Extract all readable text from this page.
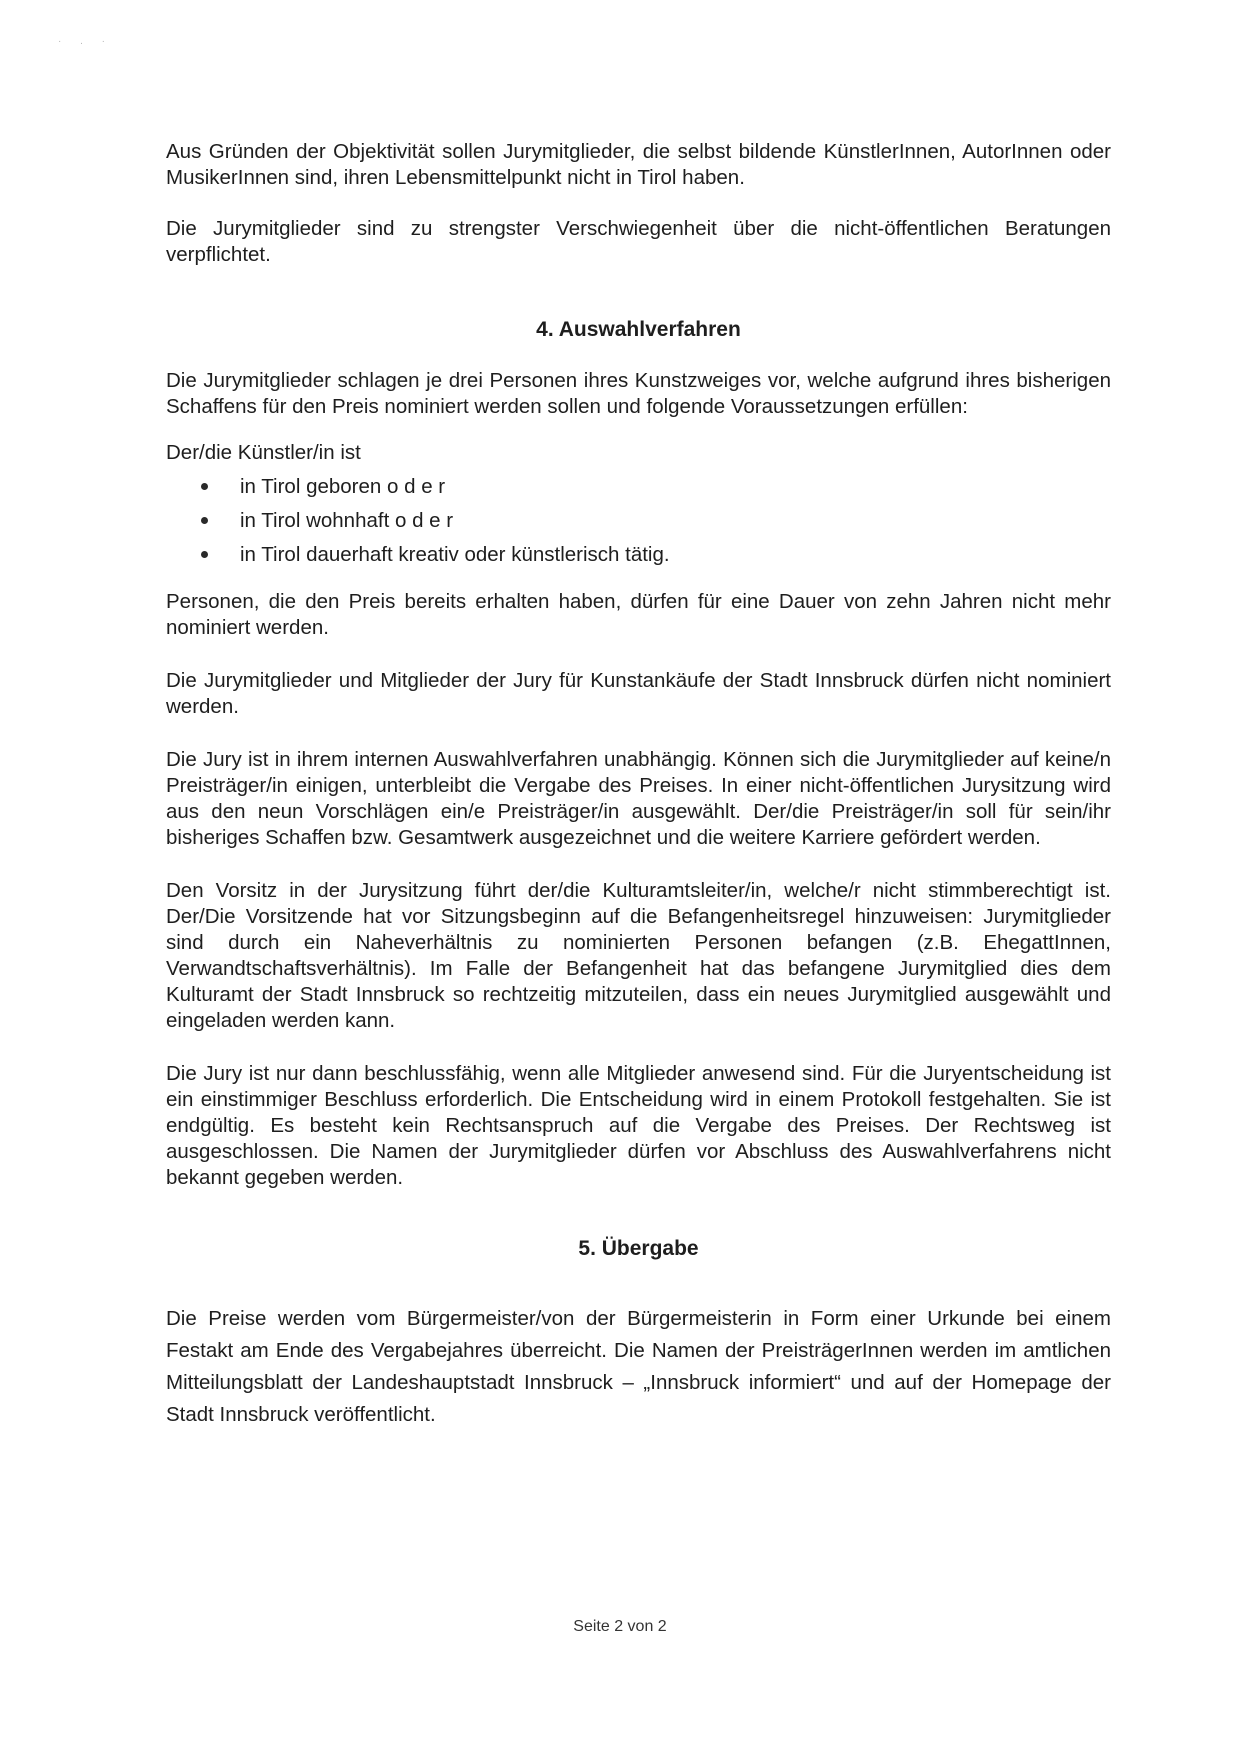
· . ·

Aus Gründen der Objektivität sollen Jurymitglieder, die selbst bildende KünstlerInnen, AutorInnen oder MusikerInnen sind, ihren Lebensmittelpunkt nicht in Tirol haben.

Die Jurymitglieder sind zu strengster Verschwiegenheit über die nicht-öffentlichen Beratungen verpflichtet.

4. Auswahlverfahren

Die Jurymitglieder schlagen je drei Personen ihres Kunstzweiges vor, welche aufgrund ihres bisherigen Schaffens für den Preis nominiert werden sollen und folgende Voraussetzungen erfüllen:

Der/die Künstler/in ist

in Tirol geboren o d e r
in Tirol wohnhaft o d e r
in Tirol dauerhaft kreativ oder künstlerisch tätig.

Personen, die den Preis bereits erhalten haben, dürfen für eine Dauer von zehn Jahren nicht mehr nominiert werden.

Die Jurymitglieder und Mitglieder der Jury für Kunstankäufe der Stadt Innsbruck dürfen nicht nominiert werden.

Die Jury ist in ihrem internen Auswahlverfahren unabhängig. Können sich die Jurymitglieder auf keine/n Preisträger/in einigen, unterbleibt die Vergabe des Preises. In einer nicht-öffentlichen Jurysitzung wird aus den neun Vorschlägen ein/e Preisträger/in ausgewählt. Der/die Preisträger/in soll für sein/ihr bisheriges Schaffen bzw. Gesamtwerk ausgezeichnet und die weitere Karriere gefördert werden.

Den Vorsitz in der Jurysitzung führt der/die Kulturamtsleiter/in, welche/r nicht stimmberechtigt ist. Der/Die Vorsitzende hat vor Sitzungsbeginn auf die Befangenheitsregel hinzuweisen: Jurymitglieder sind durch ein Naheverhältnis zu nominierten Personen befangen (z.B. EhegattInnen, Verwandtschaftsverhältnis). Im Falle der Befangenheit hat das befangene Jurymitglied dies dem Kulturamt der Stadt Innsbruck so rechtzeitig mitzuteilen, dass ein neues Jurymitglied ausgewählt und eingeladen werden kann.

Die Jury ist nur dann beschlussfähig, wenn alle Mitglieder anwesend sind. Für die Juryentscheidung ist ein einstimmiger Beschluss erforderlich. Die Entscheidung wird in einem Protokoll festgehalten. Sie ist endgültig. Es besteht kein Rechtsanspruch auf die Vergabe des Preises. Der Rechtsweg ist ausgeschlossen. Die Namen der Jurymitglieder dürfen vor Abschluss des Auswahlverfahrens nicht bekannt gegeben werden.

5. Übergabe

Die Preise werden vom Bürgermeister/von der Bürgermeisterin in Form einer Urkunde bei einem Festakt am Ende des Vergabejahres überreicht. Die Namen der PreisträgerInnen werden im amtlichen Mitteilungsblatt der Landeshauptstadt Innsbruck – „Innsbruck informiert“ und auf der Homepage der Stadt Innsbruck veröffentlicht.

Seite 2 von 2
